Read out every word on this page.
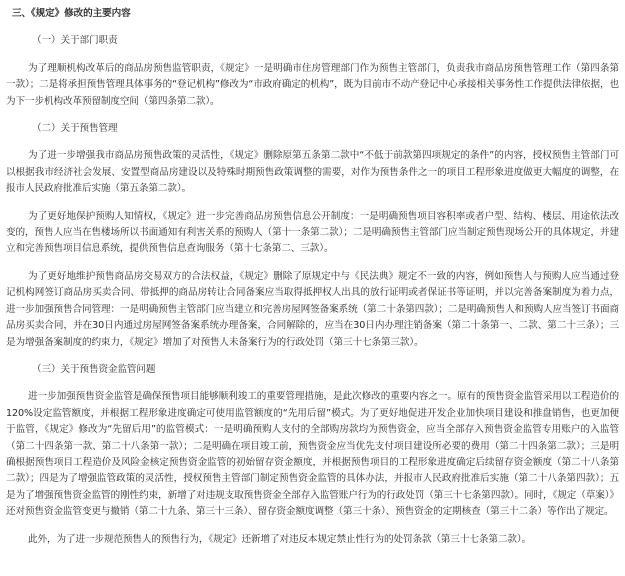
三、《规定》修改的主要内容

（一）关于部门职责

为了理顺机构改革后的商品房预售监管职责，《规定》一是明确市住房管理部门作为预售主管部门，负责我市商品房预售管理工作（第四条第一款）；二是将承担预售管理具体事务的“登记机构”修改为“市政府确定的机构”，既为目前市不动产登记中心承接相关事务性工作提供法律依据，也为下一步机构改革预留制度空间（第四条第二款）。

（二）关于预售管理

为了进一步增强我市商品房预售政策的灵活性，《规定》删除原第五条第二款中“不低于前款第四项规定的条件”的内容，授权预售主管部门可以根据我市经济社会发展、安置型商品房建设以及特殊时期预售政策调整的需要，对作为预售条件之一的项目工程形象进度做更大幅度的调整，在报市人民政府批准后实施（第五条第二款）。

为了更好地保护预购人知情权，《规定》进一步完善商品房预售信息公开制度：一是明确预售项目容积率或者户型、结构、楼层、用途依法改变的，预售人应当在售楼场所以书面通知有利害关系的预购人（第十一条第二款）；二是明确预售主管部门应当制定预售现场公开的具体规定，并建立和完善预售项目信息系统，提供预售信息查询服务（第十七条第二、三款）。

为了更好地维护预售商品房交易双方的合法权益，《规定》删除了原规定中与《民法典》规定不一致的内容，例如预售人与预购人应当通过登记机构网签订商品房买卖合同、带抵押的商品房转让合同备案应当取得抵押权人出具的放行证明或者保证书等证明，并以完善备案制度为着力点，进一步加强预售合同管理：一是明确预售主管部门应当建立和完善房屋网签备案系统（第二十条第四款）；二是明确预售人和预购人应当签订书面商品房买卖合同，并在30日内通过房屋网签备案系统办理备案，合同解除的，应当在30日内办理注销备案（第二十条第一、二款、第二十三条）；三是为增强备案制度的约束力，《规定》增加了对预售人未备案行为的行政处罚（第三十七条第三款）。

（三）关于预售资金监管问题

进一步加强预售资金监管是确保预售项目能够顺利竣工的重要管理措施，是此次修改的重要内容之一。原有的预售资金监管采用以工程造价的120%设定监管额度，并根据工程形象进度确定可使用监管额度的“先用后留”模式。为了更好地促进开发企业加快项目建设和推盘销售，也更加便于监管，《规定》修改为“先留后用”的监管模式：一是明确预购人支付的全部购房款均为预售资金，应当全部存入预售资金监管专用账户的入监管（第二十四条第一款、第二十八条第一款）；二是明确在项目竣工前，预售资金应当优先支付项目建设所必要的费用（第二十四条第二款）；三是明确根据预售项目工程造价及风险金核定预售资金监管的初始留存资金额度，并根据预售项目的工程形象进度确定后续留存资金额度（第二十八条第二款）；四是为了增强监管政策的灵活性，授权预售主管部门制定预售资金监管的具体办法，并报市人民政府批准后实施（第二十八条第四款）；五是为了增强预售资金监管的刚性约束，新增了对违规支取预售资金全部存入监管账户行为的行政处罚（第三十七条第四款）。同时，《规定（草案）》还对预售资金监管变更与撤销（第二十九条、第三十三条）、留存资金额度调整（第三十条）、预售资金的定期核查（第三十二条）等作出了规定。

此外，为了进一步规范预售人的预售行为，《规定》还新增了对违反本规定禁止性行为的处罚条款（第三十七条第二款）。
